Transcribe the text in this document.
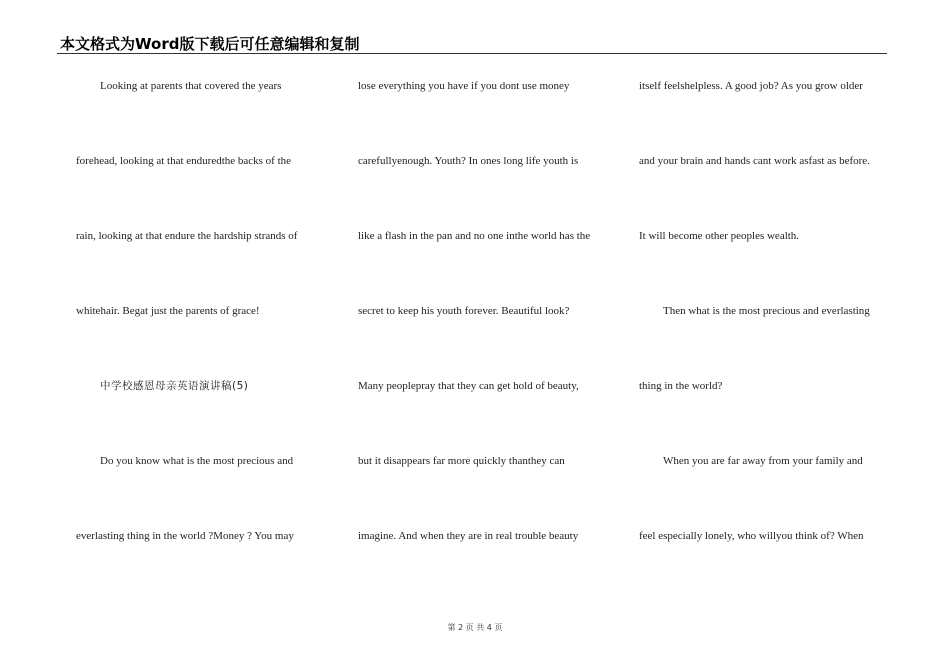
本文格式为Word版下载后可任意编辑和复制
Looking at parents that covered the years
forehead, looking at that enduredthe backs of the
rain, looking at that endure the hardship strands of
whitehair. Begat just the parents of grace!
中学校感恩母亲英语演讲稿(5)
Do you know what is the most precious and
everlasting thing in the world ?Money ? You may
lose everything you have if you dont use money
carefullyenough. Youth? In ones long life youth is
like a flash in the pan and no one inthe world has the
secret to keep his youth forever. Beautiful look?
Many peoplepray that they can get hold of beauty,
but it disappears far more quickly thanthey can
imagine. And when they are in real trouble beauty
itself feelshelpless. A good job? As you grow older
and your brain and hands cant work asfast as before.
It will become other peoples wealth.
Then what is the most precious and everlasting
thing in the world?
When you are far away from your family and
feel especially lonely, who willyou think of? When
第 2 页 共 4 页
